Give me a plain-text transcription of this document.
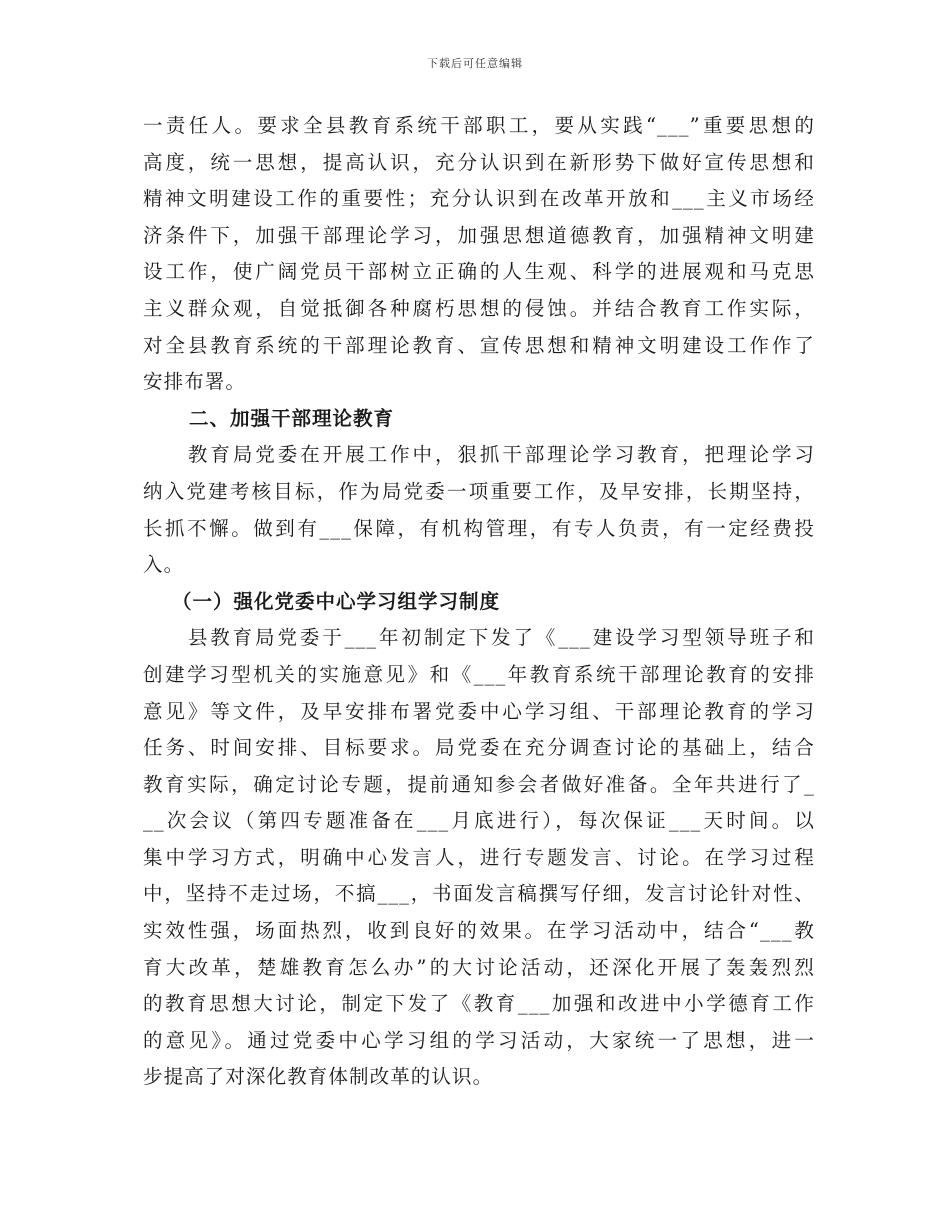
下载后可任意编辑
一责任人。要求全县教育系统干部职工，要从实践“___”重要思想的
高度，统一思想，提高认识，充分认识到在新形势下做好宣传思想和
精神文明建设工作的重要性；充分认识到在改革开放和___主义市场经
济条件下，加强干部理论学习，加强思想道德教育，加强精神文明建
设工作，使广阔党员干部树立正确的人生观、科学的进展观和马克思
主义群众观，自觉抵御各种腐朽思想的侵蚀。并结合教育工作实际，
对全县教育系统的干部理论教育、宣传思想和精神文明建设工作作了
安排布署。
二、加强干部理论教育
　　教育局党委在开展工作中，狠抓干部理论学习教育，把理论学习
纳入党建考核目标，作为局党委一项重要工作，及早安排，长期坚持，
长抓不懈。做到有___保障，有机构管理，有专人负责，有一定经费投
入。
（一）强化党委中心学习组学习制度
　　县教育局党委于___年初制定下发了《___建设学习型领导班子和
创建学习型机关的实施意见》和《___年教育系统干部理论教育的安排
意见》等文件，及早安排布署党委中心学习组、干部理论教育的学习
任务、时间安排、目标要求。局党委在充分调查讨论的基础上，结合
教育实际，确定讨论专题，提前通知参会者做好准备。全年共进行了_
__次会议（第四专题准备在___月底进行），每次保证___天时间。以
集中学习方式，明确中心发言人，进行专题发言、讨论。在学习过程
中，坚持不走过场，不搞___，书面发言稿撰写仔细，发言讨论针对性、
实效性强，场面热烈，收到良好的效果。在学习活动中，结合“___教
育大改革，楚雄教育怎么办”的大讨论活动，还深化开展了轰轰烈烈
的教育思想大讨论，制定下发了《教育___加强和改进中小学德育工作
的意见》。通过党委中心学习组的学习活动，大家统一了思想，进一
步提高了对深化教育体制改革的认识。
